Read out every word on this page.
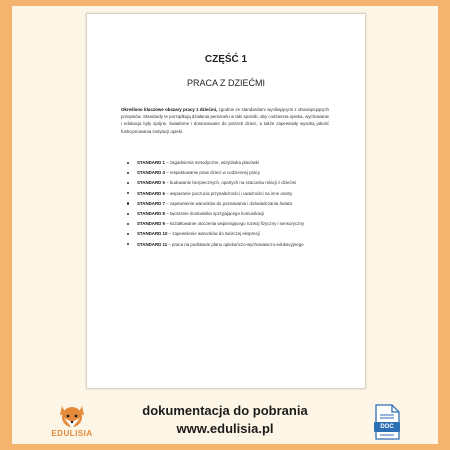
CZĘŚĆ 1
PRACA Z DZIEĆMI
Określono kluczowe obszary pracy z dziećmi, zgodnie ze standardami wynikającymi z obowiązujących przepisów. Standardy te porządkują działania personelu w taki sposób, aby codzienna opieka, wychowanie i edukacja były spójne, świadome i dostosowane do potrzeb dzieci, a także zapewniały wysoką jakość funkcjonowania instytucji opieki.
STANDARD 1 – zagadnienia metodyczne, wizytówka placówki
STANDARD 4 – respektowanie praw dzieci w codziennej pracy
STANDARD 5 – budowanie bezpiecznych, opartych na szacunku relacji z dziećmi
STANDARD 6 – wspieranie poczucia przynależności i uważności na inne osoby
STANDARD 7 – zapewnienie warunków do poznawania i doświadczania świata
STANDARD 8 – tworzenie środowiska sprzyjającego komunikacji
STANDARD 9 – kształtowanie otoczenia wspierającego rozwój fizyczny i sensoryczny
STANDARD 10 – zapewnienie warunków do twórczej ekspresji
STANDARD 11 – praca na podstawie planu opiekuńczo-wychowawczo-edukacyjnego
EDULISIA
dokumentacja do pobrania
www.edulisia.pl	DOC
